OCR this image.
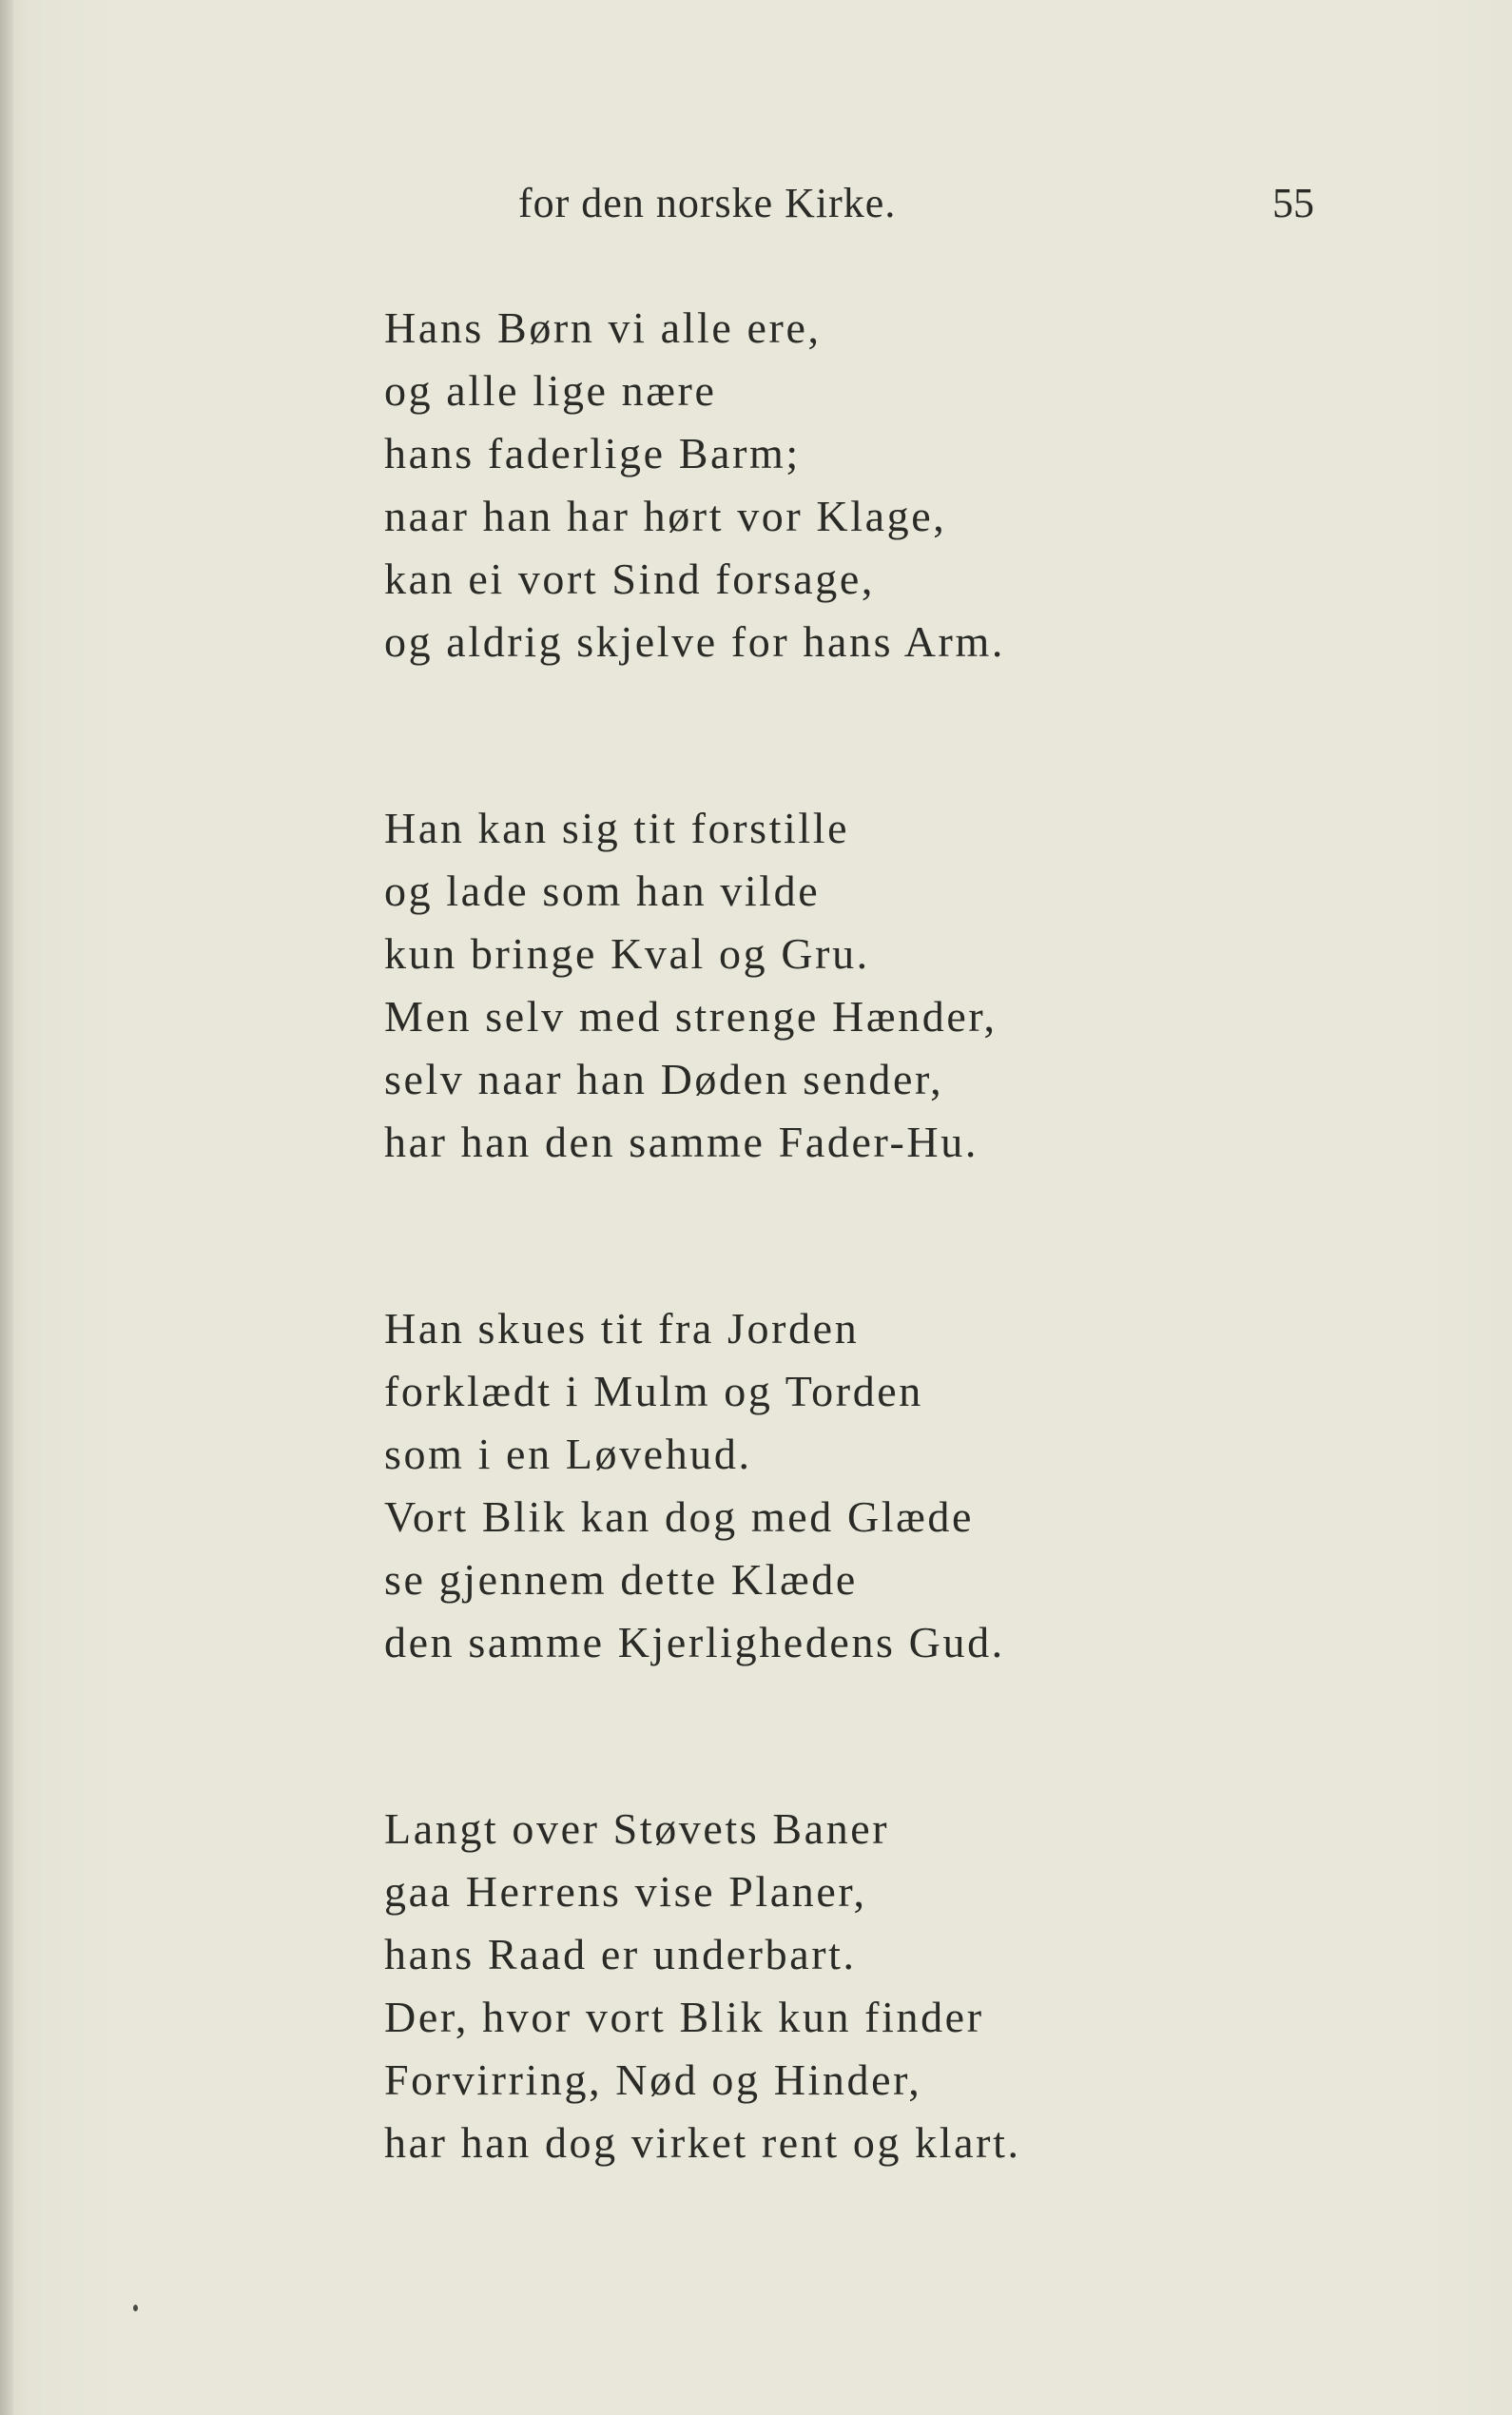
for den norske Kirke.	55
Hans Børn vi alle ere,
og alle lige nære
hans faderlige Barm;
naar han har hørt vor Klage,
kan ei vort Sind forsage,
og aldrig skjelve for hans Arm.
Han kan sig tit forstille
og lade som han vilde
kun bringe Kval og Gru.
Men selv med strenge Hænder,
selv naar han Døden sender,
har han den samme Fader-Hu.
Han skues tit fra Jorden
forklædt i Mulm og Torden
som i en Løvehud.
Vort Blik kan dog med Glæde
se gjennem dette Klæde
den samme Kjerlighedens Gud.
Langt over Støvets Baner
gaa Herrens vise Planer,
hans Raad er underbart.
Der, hvor vort Blik kun finder
Forvirring, Nød og Hinder,
har han dog virket rent og klart.
